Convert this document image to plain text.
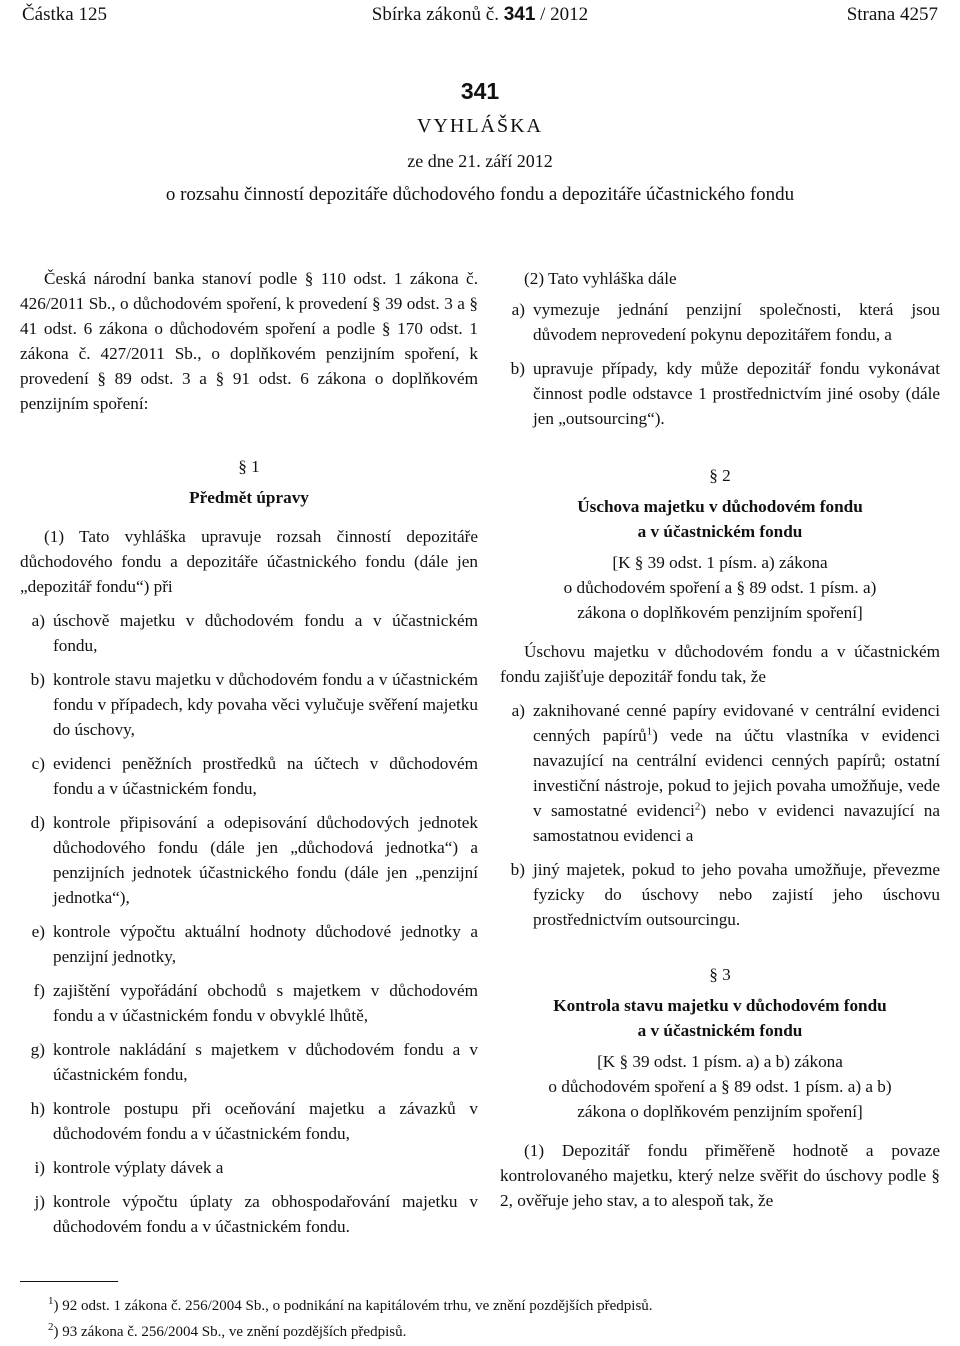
Částka 125	Sbírka zákonů č. 341 / 2012	Strana 4257
341
VYHLÁŠKA
ze dne 21. září 2012
o rozsahu činností depozitáře důchodového fondu a depozitáře účastnického fondu

Česká národní banka stanoví podle § 110 odst. 1 zákona č. 426/2011 Sb., o důchodovém spoření, k provedení § 39 odst. 3 a § 41 odst. 6 zákona o důchodovém spoření a podle § 170 odst. 1 zákona č. 427/2011 Sb., o doplňkovém penzijním spoření, k provedení § 89 odst. 3 a § 91 odst. 6 zákona o doplňkovém penzijním spoření:

§ 1
Předmět úpravy

(1) Tato vyhláška upravuje rozsah činností depozitáře důchodového fondu a depozitáře účastnického fondu (dále jen „depozitář fondu“) při

a) úschově majetku v důchodovém fondu a v účastnickém fondu,
b) kontrole stavu majetku v důchodovém fondu a v účastnickém fondu v případech, kdy povaha věci vylučuje svěření majetku do úschovy,
c) evidenci peněžních prostředků na účtech v důchodovém fondu a v účastnickém fondu,
d) kontrole připisování a odepisování důchodových jednotek důchodového fondu (dále jen „důchodová jednotka“) a penzijních jednotek účastnického fondu (dále jen „penzijní jednotka“),
e) kontrole výpočtu aktuální hodnoty důchodové jednotky a penzijní jednotky,
f) zajištění vypořádání obchodů s majetkem v důchodovém fondu a v účastnickém fondu v obvyklé lhůtě,
g) kontrole nakládání s majetkem v důchodovém fondu a v účastnickém fondu,
h) kontrole postupu při oceňování majetku a závazků v důchodovém fondu a v účastnickém fondu,
i) kontrole výplaty dávek a
j) kontrole výpočtu úplaty za obhospodařování majetku v důchodovém fondu a v účastnickém fondu.

(2) Tato vyhláška dále

a) vymezuje jednání penzijní společnosti, která jsou důvodem neprovedení pokynu depozitářem fondu, a
b) upravuje případy, kdy může depozitář fondu vykonávat činnost podle odstavce 1 prostřednictvím jiné osoby (dále jen „outsourcing“).
§ 2
Úschova majetku v důchodovém fondu
a v účastnickém fondu
[K § 39 odst. 1 písm. a) zákona
o důchodovém spoření a § 89 odst. 1 písm. a)
zákona o doplňkovém penzijním spoření]

Úschovu majetku v důchodovém fondu a v účastnickém fondu zajišťuje depozitář fondu tak, že

a) zaknihované cenné papíry evidované v centrální evidenci cenných papírů$^1$) vede na účtu vlastníka v evidenci navazující na centrální evidenci cenných papírů; ostatní investiční nástroje, pokud to jejich povaha umožňuje, vede v samostatné evidenci$^2$) nebo v evidenci navazující na samostatnou evidenci a
b) jiný majetek, pokud to jeho povaha umožňuje, převezme fyzicky do úschovy nebo zajistí jeho úschovu prostřednictvím outsourcingu.
§ 3
Kontrola stavu majetku v důchodovém fondu
a v účastnickém fondu
[K § 39 odst. 1 písm. a) a b) zákona
o důchodovém spoření a § 89 odst. 1 písm. a) a b)
zákona o doplňkovém penzijním spoření]

(1) Depozitář fondu přiměřeně hodnotě a povaze kontrolovaného majetku, který nelze svěřit do úschovy podle § 2, ověřuje jeho stav, a to alespoň tak, že

$^1$) 92 odst. 1 zákona č. 256/2004 Sb., o podnikání na kapitálovém trhu, ve znění pozdějších předpisů.
$^2$) 93 zákona č. 256/2004 Sb., ve znění pozdějších předpisů.
